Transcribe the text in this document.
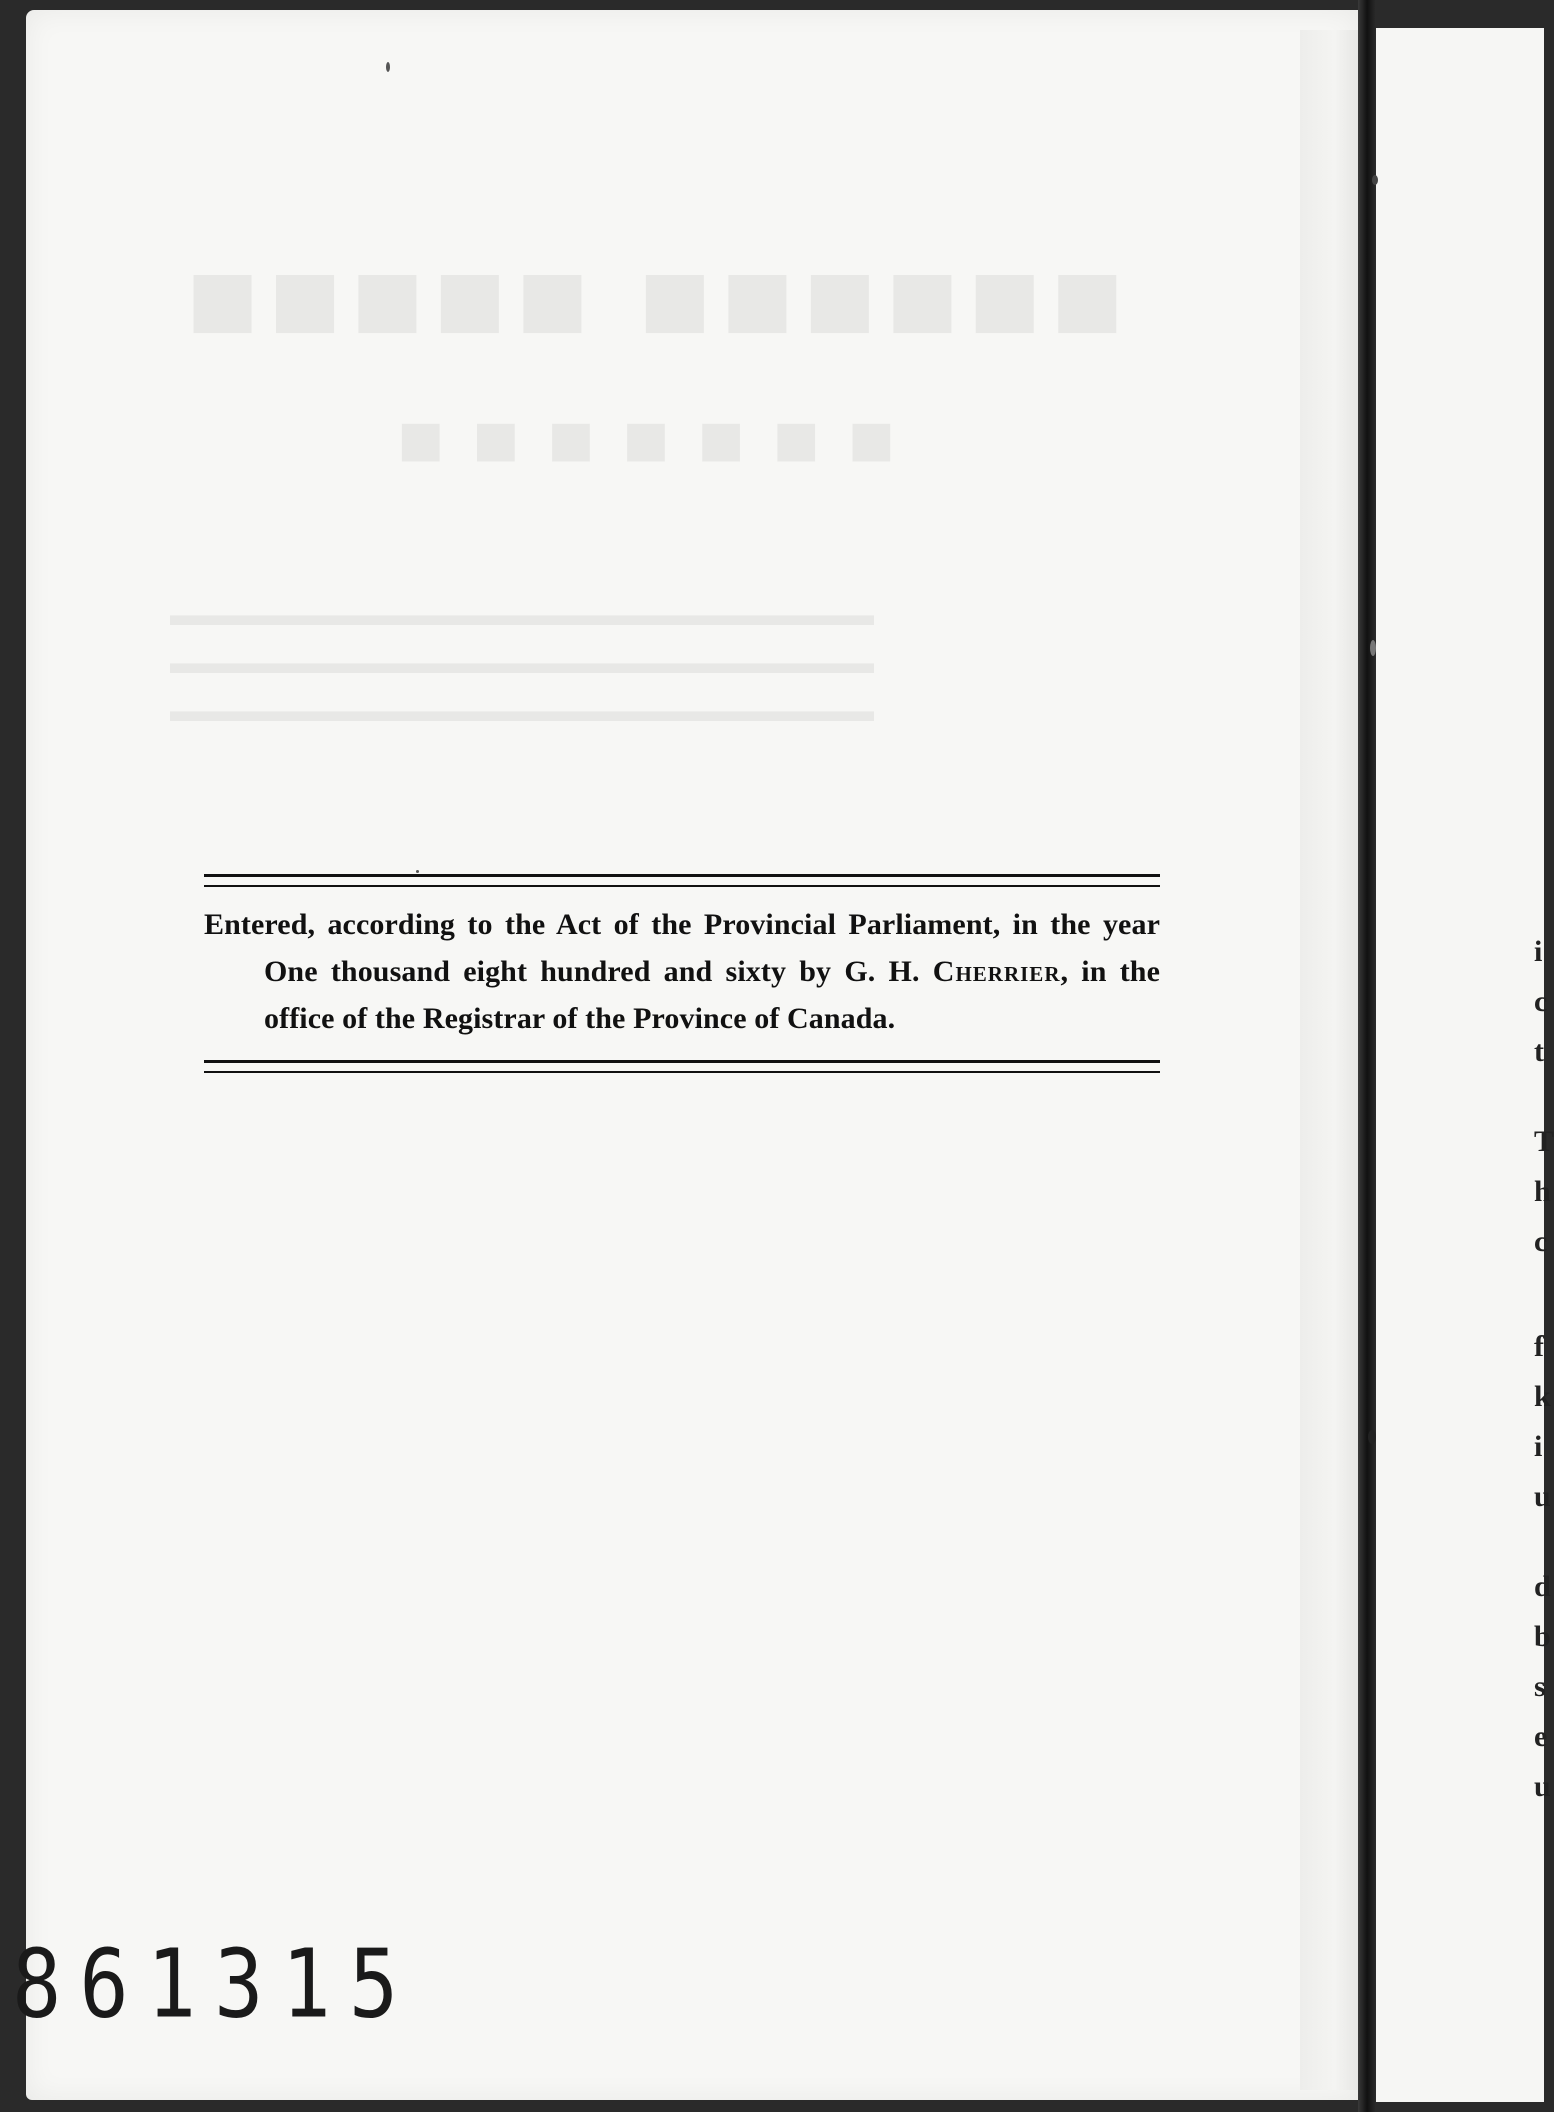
Entered, according to the Act of the Provincial Parliament, in the year One thousand eight hundred and sixty by G. H. Cherrier, in the office of the Registrar of the Province of Canada.

861315
i
c
t
T
h
c
f
k
i
u
d
b
s
e
u
